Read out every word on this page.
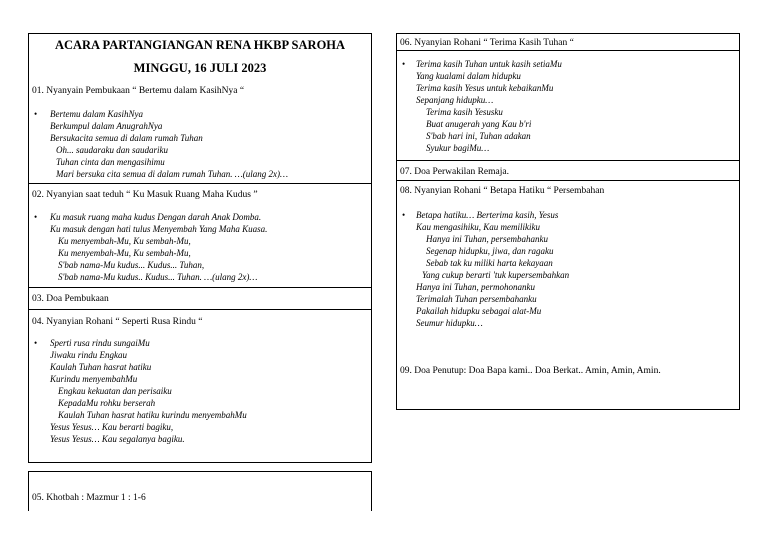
ACARA PARTANGIANGAN RENA HKBP SAROHA
MINGGU, 16 JULI 2023
01. Nyanyain Pembukaan “ Bertemu dalam KasihNya “
• Bertemu dalam KasihNya
Berkumpul dalam AnugrahNya
Bersukacita semua di dalam rumah Tuhan
Oh... saudaraku dan saudariku
Tuhan cinta dan mengasihimu
Mari bersuka cita semua di dalam rumah Tuhan. …(ulang 2x)…
02. Nyanyian saat teduh “ Ku Masuk Ruang Maha Kudus ”
• Ku masuk ruang maha kudus Dengan darah Anak Domba.
Ku masuk dengan hati tulus Menyembah Yang Maha Kuasa.
Ku menyembah-Mu, Ku sembah-Mu,
Ku menyembah-Mu, Ku sembah-Mu,
S'bab nama-Mu kudus... Kudus... Tuhan,
S'bab nama-Mu kudus.. Kudus... Tuhan. …(ulang 2x)…
03. Doa Pembukaan
04. Nyanyian Rohani “ Seperti Rusa Rindu “
• Sperti rusa rindu sungaiMu
Jiwaku rindu Engkau
Kaulah Tuhan hasrat hatiku
Kurindu menyembahMu
Engkau kekuatan dan perisaiku
KepadaMu rohku berserah
Kaulah Tuhan hasrat hatiku kurindu menyembahMu
Yesus Yesus… Kau berarti bagiku,
Yesus Yesus… Kau segalanya bagiku.
05. Khotbah : Mazmur 1 : 1-6
06. Nyanyian Rohani “ Terima Kasih Tuhan “
• Terima kasih Tuhan untuk kasih setiaMu
Yang kualami dalam hidupku
Terima kasih Yesus untuk kebaikanMu
Sepanjang hidupku…
Terima kasih Yesusku
Buat anugerah yang Kau b'ri
S'bab hari ini, Tuhan adakan
Syukur bagiMu…
07. Doa Perwakilan Remaja.
08. Nyanyian Rohani “ Betapa Hatiku “ Persembahan
• Betapa hatiku… Berterima kasih, Yesus
Kau mengasihiku, Kau memilikiku
Hanya ini Tuhan, persembahanku
Segenap hidupku, jiwa, dan ragaku
Sebab tak ku miliki harta kekayaan
Yang cukup berarti 'tuk kupersembahkan
Hanya ini Tuhan, permohonanku
Terimalah Tuhan persembahanku
Pakailah hidupku sebagai alat-Mu
Seumur hidupku…
09. Doa Penutup: Doa Bapa kami.. Doa Berkat.. Amin, Amin, Amin.
